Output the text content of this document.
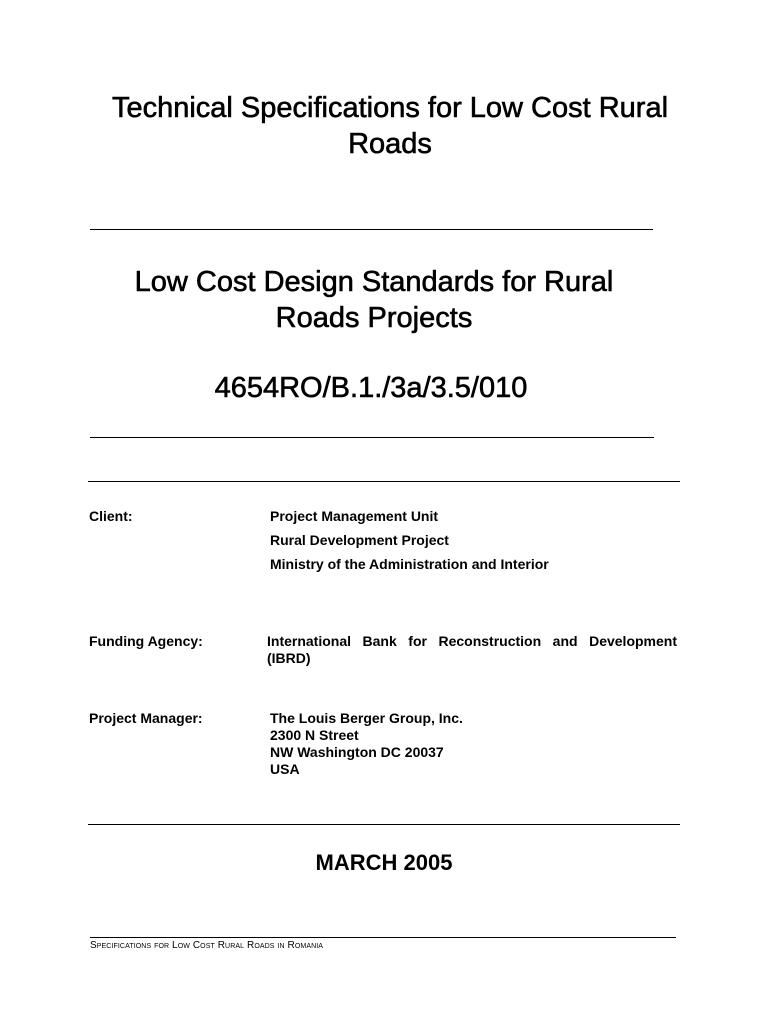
Technical Specifications for Low Cost Rural Roads
Low Cost Design Standards for Rural Roads Projects
4654RO/B.1./3a/3.5/010
Client:	Project Management Unit
Rural Development Project
Ministry of the Administration and Interior
Funding Agency:	International Bank for Reconstruction and Development (IBRD)
Project Manager:	The Louis Berger Group, Inc.
2300 N Street
NW Washington DC 20037
USA
MARCH 2005
Specifications for Low Cost Rural Roads in Romania
